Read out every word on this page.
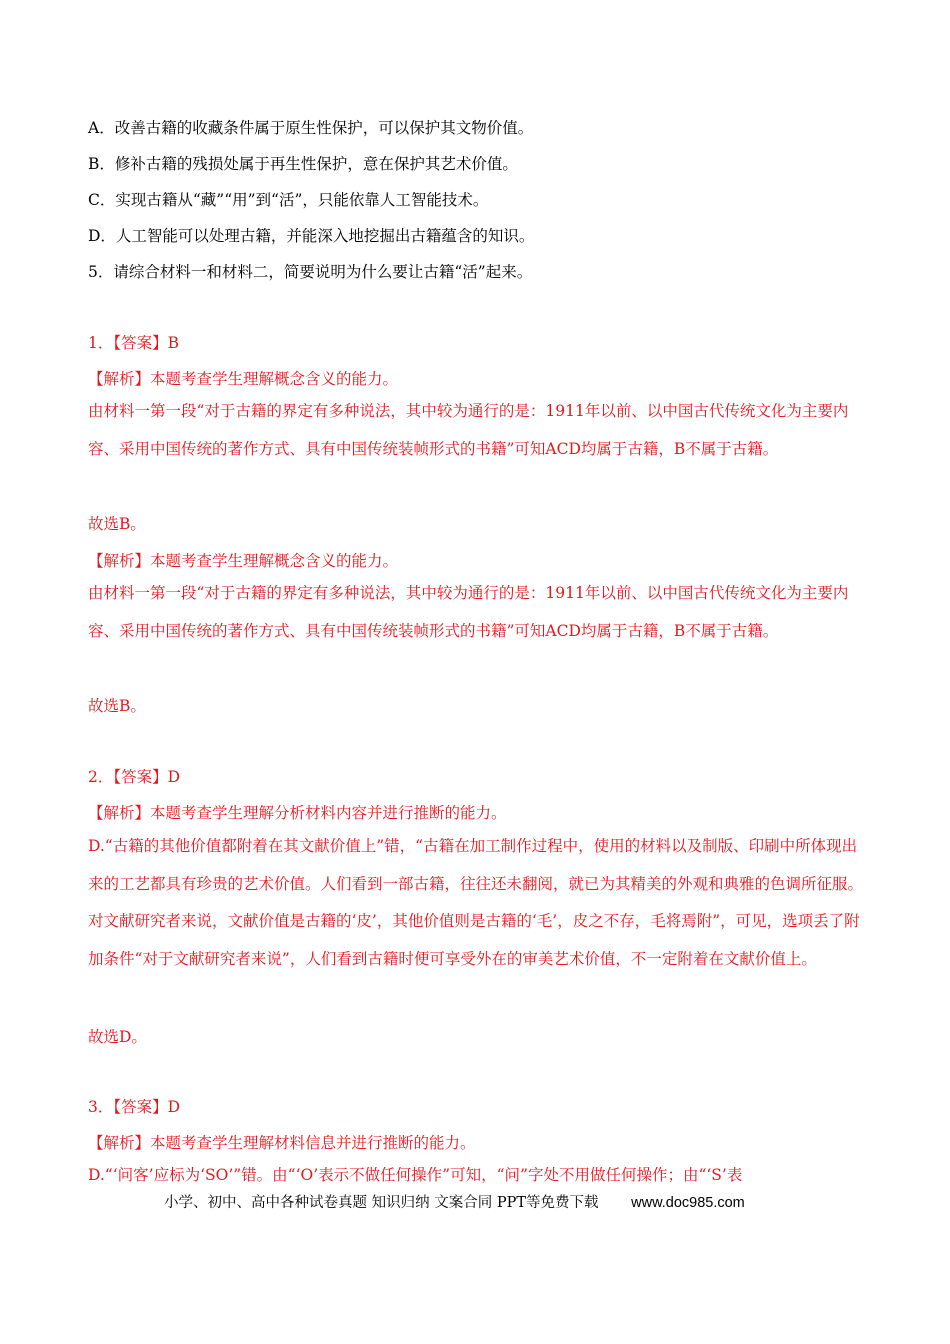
A．改善古籍的收藏条件属于原生性保护，可以保护其文物价值。
B．修补古籍的残损处属于再生性保护，意在保护其艺术价值。
C．实现古籍从“藏”“用”到“活”，只能依靠人工智能技术。
D．人工智能可以处理古籍，并能深入地挖掘出古籍蕴含的知识。
5．请综合材料一和材料二，简要说明为什么要让古籍“活”起来。
1．【答案】B
【解析】本题考查学生理解概念含义的能力。
由材料一第一段“对于古籍的界定有多种说法，其中较为通行的是：1911年以前、以中国古代传统文化为主要内容、采用中国传统的著作方式、具有中国传统装帧形式的书籍”可知ACD均属于古籍，B不属于古籍。
故选B。
【解析】本题考查学生理解概念含义的能力。
由材料一第一段“对于古籍的界定有多种说法，其中较为通行的是：1911年以前、以中国古代传统文化为主要内容、采用中国传统的著作方式、具有中国传统装帧形式的书籍”可知ACD均属于古籍，B不属于古籍。
故选B。
2．【答案】D
【解析】本题考查学生理解分析材料内容并进行推断的能力。
D.“古籍的其他价值都附着在其文献价值上”错，“古籍在加工制作过程中，使用的材料以及制版、印刷中所体现出来的工艺都具有珍贵的艺术价值。人们看到一部古籍，往往还未翻阅，就已为其精美的外观和典雅的色调所征服。对文献研究者来说，文献价值是古籍的‘皮’，其他价值则是古籍的‘毛’，皮之不存，毛将焉附”，可见，选项丢了附加条件“对于文献研究者来说”，人们看到古籍时便可享受外在的审美艺术价值，不一定附着在文献价值上。
故选D。
3．【答案】D
【解析】本题考查学生理解材料信息并进行推断的能力。
D.“‘问客’应标为‘SO’”错。由“‘O’表示不做任何操作”可知，“问”字处不用做任何操作；由“‘S’表
小学、初中、高中各种试卷真题 知识归纳 文案合同 PPT等免费下载 www.doc985.com
